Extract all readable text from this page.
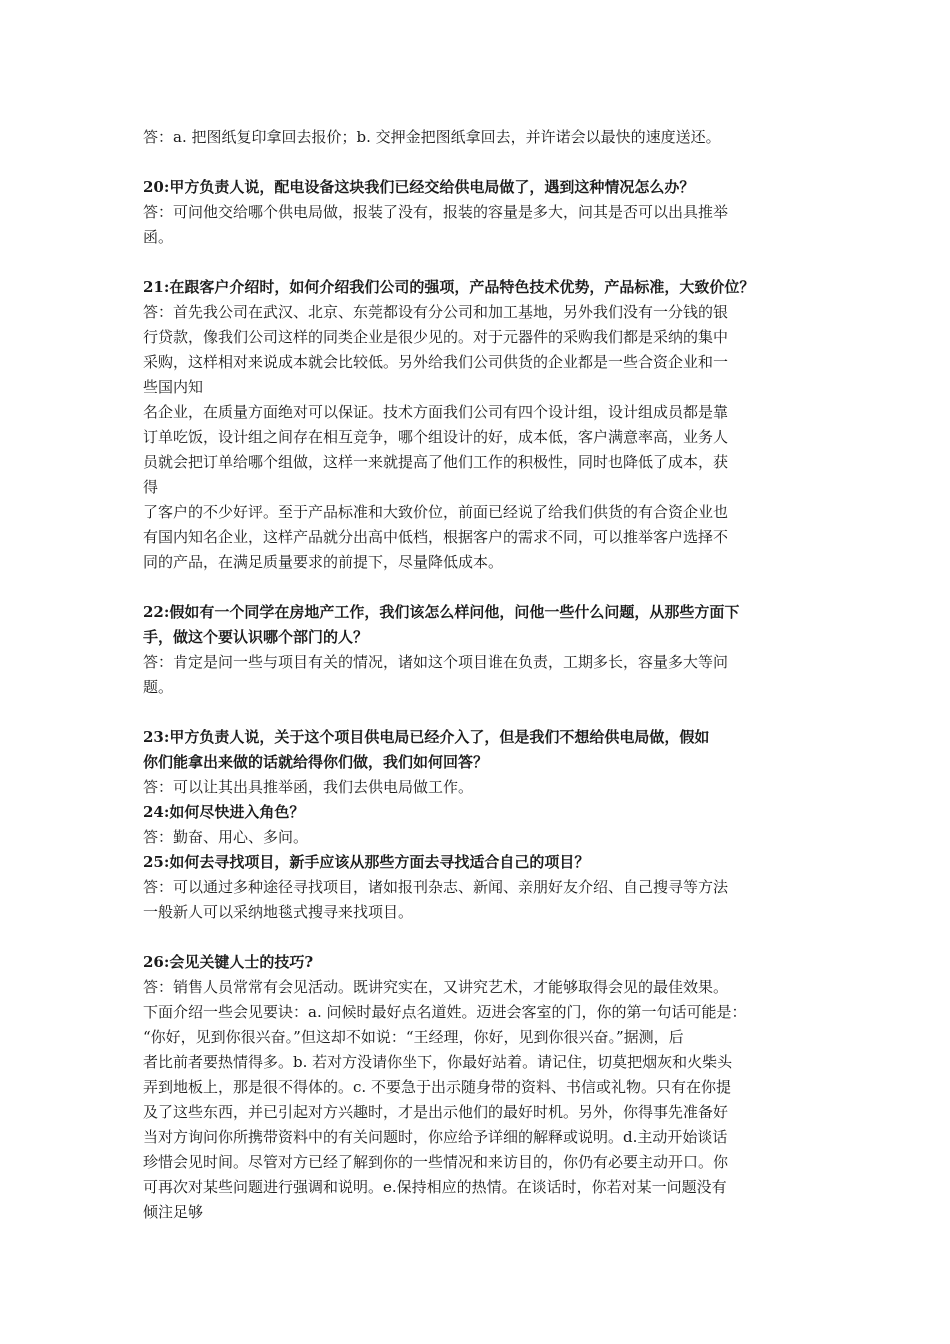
答：a. 把图纸复印拿回去报价；b. 交押金把图纸拿回去，并许诺会以最快的速度送还。
20:甲方负责人说，配电设备这块我们已经交给供电局做了，遇到这种情况怎么办？
答：可问他交给哪个供电局做，报装了没有，报装的容量是多大，问其是否可以出具推举
函。
21:在跟客户介绍时，如何介绍我们公司的强项，产品特色技术优势，产品标准，大致价位？
答：首先我公司在武汉、北京、东莞都设有分公司和加工基地，另外我们没有一分钱的银
行贷款，像我们公司这样的同类企业是很少见的。对于元器件的采购我们都是采纳的集中
采购，这样相对来说成本就会比较低。另外给我们公司供货的企业都是一些合资企业和一
些国内知
名企业，在质量方面绝对可以保证。技术方面我们公司有四个设计组，设计组成员都是靠
订单吃饭，设计组之间存在相互竞争，哪个组设计的好，成本低，客户满意率高，业务人
员就会把订单给哪个组做，这样一来就提高了他们工作的积极性，同时也降低了成本，获
得
了客户的不少好评。至于产品标准和大致价位，前面已经说了给我们供货的有合资企业也
有国内知名企业，这样产品就分出高中低档，根据客户的需求不同，可以推举客户选择不
同的产品，在满足质量要求的前提下，尽量降低成本。
22:假如有一个同学在房地产工作，我们该怎么样问他，问他一些什么问题，从那些方面下
手，做这个要认识哪个部门的人？
答：肯定是问一些与项目有关的情况，诸如这个项目谁在负责，工期多长，容量多大等问
题。
23:甲方负责人说，关于这个项目供电局已经介入了，但是我们不想给供电局做，假如
你们能拿出来做的话就给得你们做，我们如何回答？
答：可以让其出具推举函，我们去供电局做工作。
24:如何尽快进入角色？
答：勤奋、用心、多问。
25:如何去寻找项目，新手应该从那些方面去寻找适合自己的项目？
答：可以通过多种途径寻找项目，诸如报刊杂志、新闻、亲朋好友介绍、自己搜寻等方法
一般新人可以采纳地毯式搜寻来找项目。
26:会见关键人士的技巧?
答：销售人员常常有会见活动。既讲究实在，又讲究艺术，才能够取得会见的最佳效果。
下面介绍一些会见要诀：a. 问候时最好点名道姓。迈进会客室的门，你的第一句话可能是：
“你好，见到你很兴奋。”但这却不如说：“王经理，你好，见到你很兴奋。”据测，后
者比前者要热情得多。b. 若对方没请你坐下，你最好站着。请记住，切莫把烟灰和火柴头
弄到地板上，那是很不得体的。c. 不要急于出示随身带的资料、书信或礼物。只有在你提
及了这些东西，并已引起对方兴趣时，才是出示他们的最好时机。另外，你得事先准备好
当对方询问你所携带资料中的有关问题时，你应给予详细的解释或说明。d.主动开始谈话
珍惜会见时间。尽管对方已经了解到你的一些情况和来访目的，你仍有必要主动开口。你
可再次对某些问题进行强调和说明。e.保持相应的热情。在谈话时，你若对某一问题没有
倾注足够
